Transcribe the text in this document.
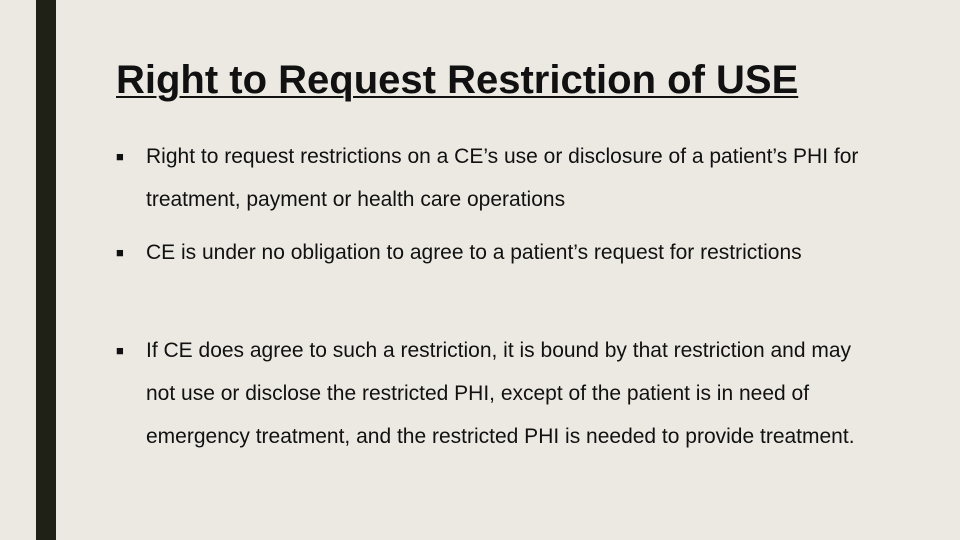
■	Right to request restrictions on a CE’s use or disclosure of a patient’s PHI for treatment, payment or health care operations
■	CE is under no obligation to agree to a patient’s request for restrictions
■	If CE does agree to such a restriction, it is bound by that restriction and may not use or disclose the restricted PHI, except of the patient is in need of emergency treatment, and the restricted PHI is needed to provide treatment.
Right to Request Restriction of USE
